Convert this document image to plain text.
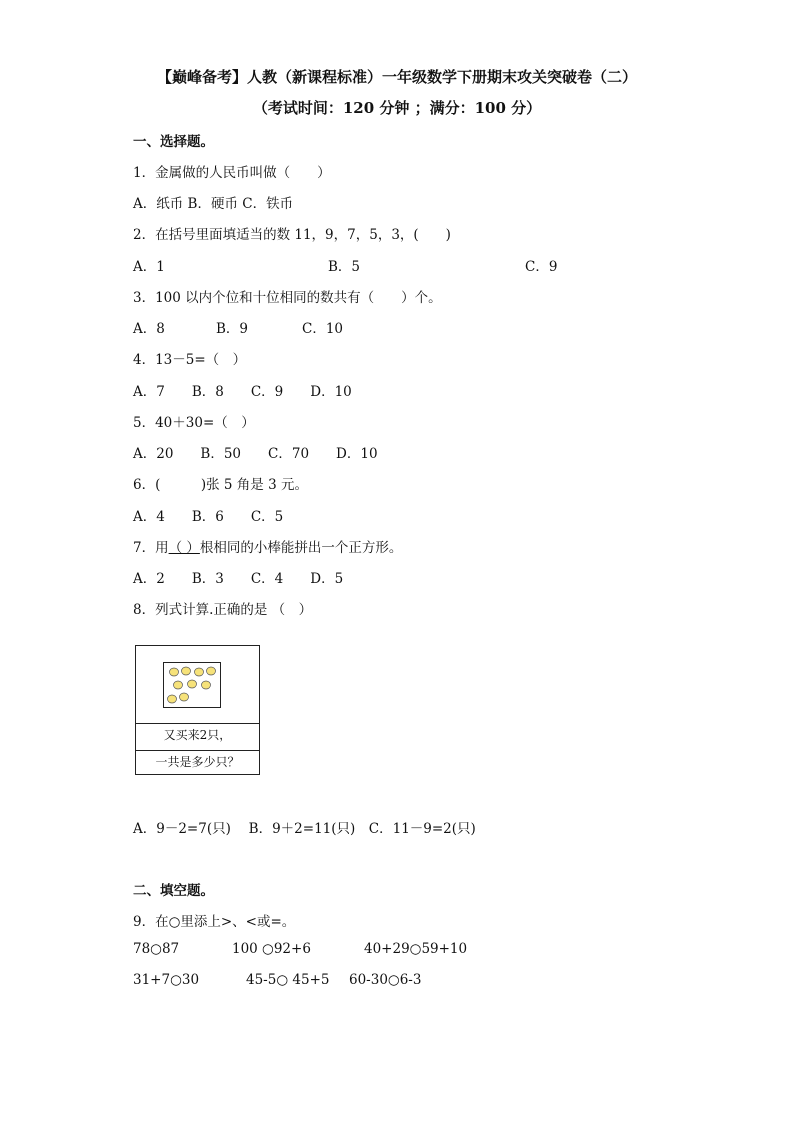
【巅峰备考】人教（新课程标准）一年级数学下册期末攻关突破卷（二）
（考试时间：120 分钟 ；满分：100 分）
一、选择题。
1．金属做的人民币叫做（　　）
A．纸币 B．硬币 C．铁币
2．在括号里面填适当的数 11，9，7，5，3，(　　)
A．1	B．5	C．9
3．100 以内个位和十位相同的数共有（　　）个。
A．8	B．9	C．10
4．13－5=（　）
A．7　　B．8　　C．9　　D．10
5．40＋30=（　）
A．20　　B．50　　C．70　　D．10
6．(　　　)张 5 角是 3 元。
A．4　　B．6　　C．5
7．用（ ）根相同的小棒能拼出一个正方形。
A．2　　B．3　　C．4　　D．5
8．列式计算.正确的是 （　）
又买来2只，
一共是多少只？
A．9－2=7(只)　 B．9＋2=11(只)　C．11－9=2(只)
二、填空题。
9．在○里添上>、<或=。
78○87	100 ○92+6	40+29○59+10
31+7○30	45-5○ 45+5 60-30○6-3
